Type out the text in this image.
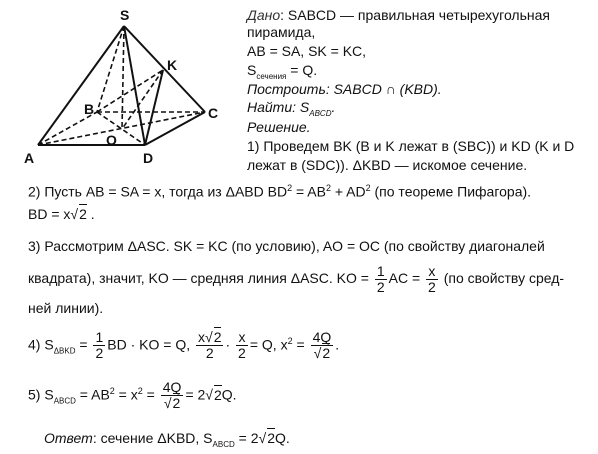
S
K
B	C
O
A	D
Дано: SABCD — правильная четырехугольная
пирамида,
AB = SA, SK = KC,
$S_{сечения} = Q$.
Построить: SABCD ∩ (KBD).
Найти: $S_{ABCD}$.
Решение.
1) Проведем BK (B и K лежат в (SBC)) и KD (K и D
лежат в (SDC)). ΔKBD — искомое сечение.
2) Пусть AB = SA = x, тогда из ΔABD $BD^2 = AB^2 + AD^2$ (по теореме Пифагора).
BD = x√2 .
3) Рассмотрим ΔASC. SK = KC (по условию), AO = OC (по свойству диагоналей
квадрата), значит, KO — средняя линия ΔASC. KO = $\frac{1}{2}$ AC = $\frac{x}{2} (по$ свойству сред-
ней линии).
4) $S_{\Delta BKD} = \frac{1}{2}$ BD · KO = Q, $\frac{x√2}{2} \cdot \frac{x}{2} = Q$, $x^2 = \frac{4Q}{√2}$ .
5) $S_{ABCD} = AB^2 = x^2 = \frac{4Q}{√2} = 2√2Q$.
Ответ: сечение ΔKBD, $S_{ABCD} = 2√2Q$.
